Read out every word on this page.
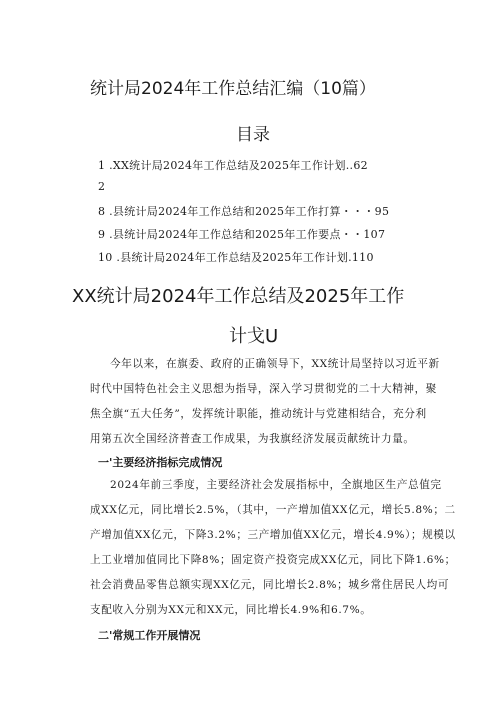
统计局2024年工作总结汇编（10篇）
目录
1 .XX统计局2024年工作总结及2025年工作计划..62
2
8 .县统计局2024年工作总结和2025年工作打算・・・95
9 .县统计局2024年工作总结和2025年工作要点・・107
10 .县统计局2024年工作总结及2025年工作计划.110
XX统计局2024年工作总结及2025年工作
计戈U
今年以来，在旗委、政府的正确领导下，XX统计局坚持以习近平新
时代中国特色社会主义思想为指导，深入学习贯彻党的二十大精神，聚
焦全旗“五大任务”，发挥统计职能，推动统计与党建相结合，充分利
用第五次全国经济普查工作成果，为我旗经济发展贡献统计力量。
一'主要经济指标完成情况
2024年前三季度，主要经济社会发展指标中，全旗地区生产总值完
成XX亿元，同比增长2.5%，（其中，一产增加值XX亿元，增长5.8%；二
产增加值XX亿元，下降3.2%；三产增加值XX亿元，增长4.9%）；规模以
上工业增加值同比下降8%；固定资产投资完成XX亿元，同比下降1.6%；
社会消费品零售总额实现XX亿元，同比增长2.8%；城乡常住居民人均可
支配收入分别为XX元和XX元，同比增长4.9%和6.7%。
二'常规工作开展情况
